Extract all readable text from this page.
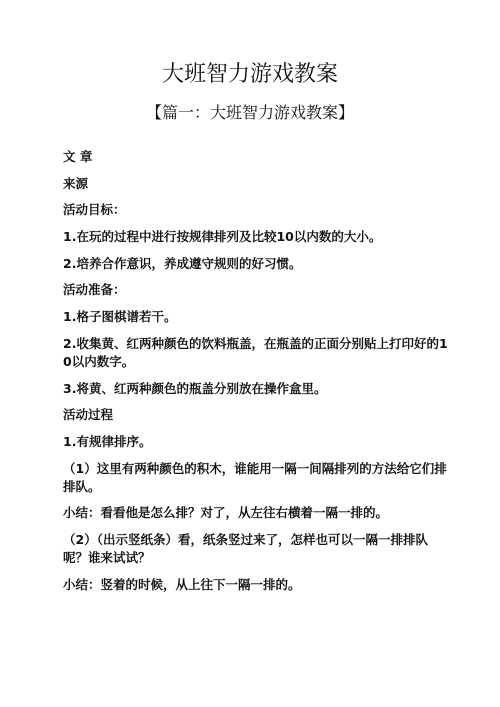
大班智力游戏教案
【篇一：大班智力游戏教案】

文 章

来源

活动目标：

1.在玩的过程中进行按规律排列及比较10以内数的大小。

2.培养合作意识，养成遵守规则的好习惯。

活动准备：

1.格子图棋谱若干。

2.收集黄、红两种颜色的饮料瓶盖，在瓶盖的正面分别贴上打印好的10以内数字。

3.将黄、红两种颜色的瓶盖分别放在操作盒里。

活动过程

1.有规律排序。

（1）这里有两种颜色的积木，谁能用一隔一间隔排列的方法给它们排排队。

小结：看看他是怎么排？对了，从左往右横着一隔一排的。

（2）（出示竖纸条）看，纸条竖过来了，怎样也可以一隔一排排队呢？谁来试试？

小结：竖着的时候，从上往下一隔一排的。
